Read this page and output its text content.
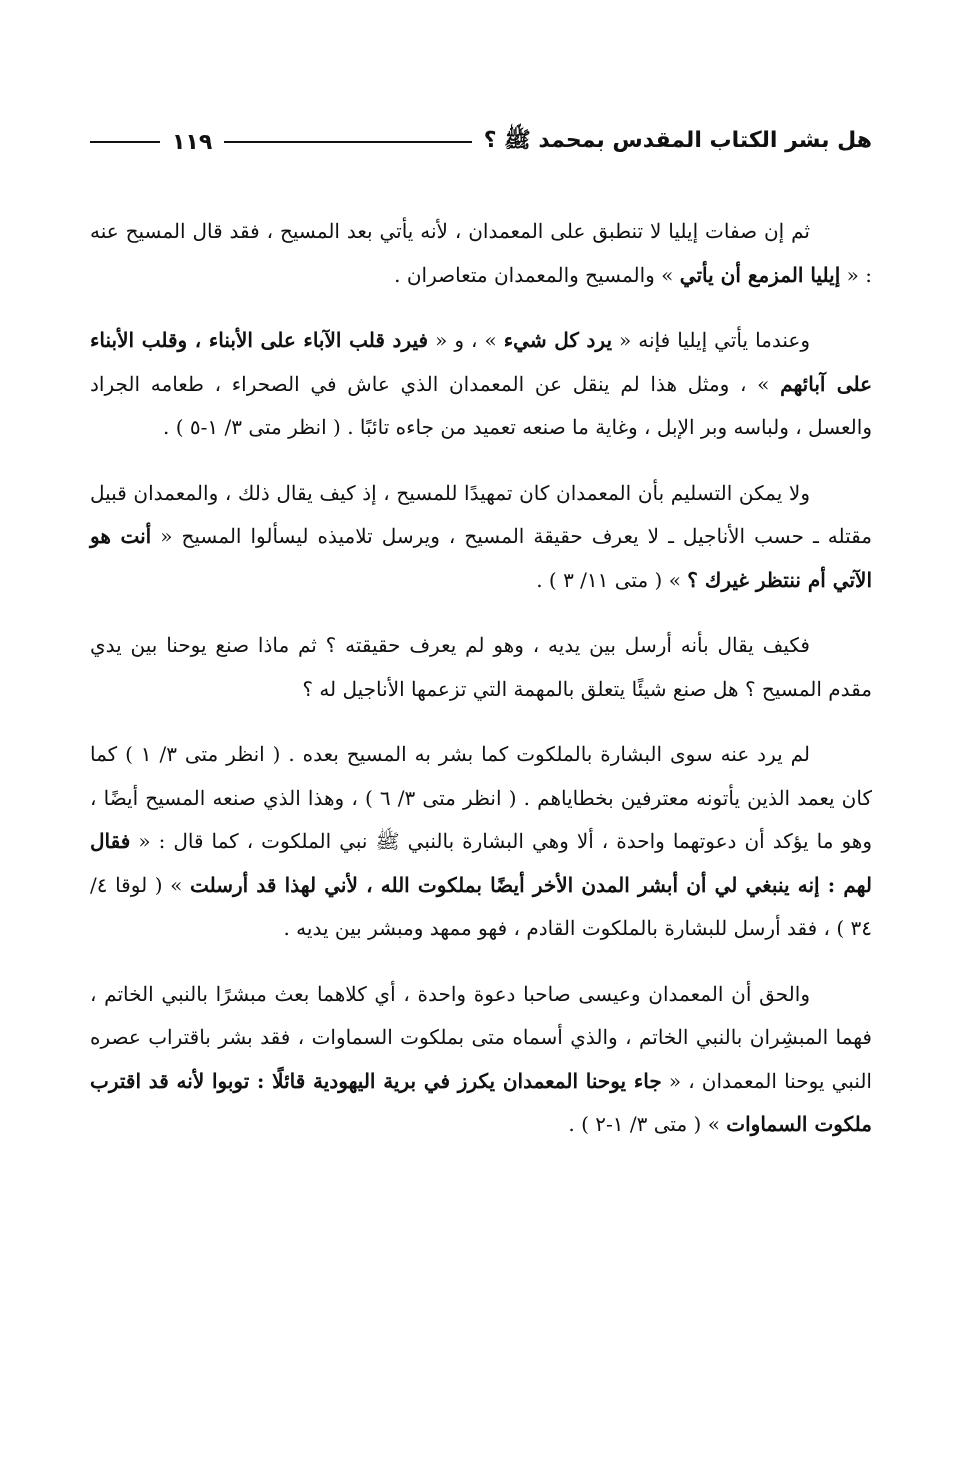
هل بشر الكتاب المقدس بمحمد ﷺ ؟
١١٩

ثم إن صفات إيليا لا تنطبق على المعمدان ، لأنه يأتي بعد المسيح ، فقد قال المسيح عنه : « إيليا المزمع أن يأتي » والمسيح والمعمدان متعاصران .

وعندما يأتي إيليا فإنه « يرد كل شيء » ، و « فيرد قلب الآباء على الأبناء ، وقلب الأبناء على آبائهم » ، ومثل هذا لم ينقل عن المعمدان الذي عاش في الصحراء ، طعامه الجراد والعسل ، ولباسه وبر الإبل ، وغاية ما صنعه تعميد من جاءه تائبًا . ( انظر متى ٣/ ١-٥ ) .

ولا يمكن التسليم بأن المعمدان كان تمهيدًا للمسيح ، إذ كيف يقال ذلك ، والمعمدان قبيل مقتله ـ حسب الأناجيل ـ لا يعرف حقيقة المسيح ، ويرسل تلاميذه ليسألوا المسيح « أنت هو الآتي أم ننتظر غيرك ؟ » ( متى ١١/ ٣ ) .

فكيف يقال بأنه أرسل بين يديه ، وهو لم يعرف حقيقته ؟ ثم ماذا صنع يوحنا بين يدي مقدم المسيح ؟ هل صنع شيئًا يتعلق بالمهمة التي تزعمها الأناجيل له ؟

لم يرد عنه سوى البشارة بالملكوت كما بشر به المسيح بعده . ( انظر متى ٣/ ١ ) كما كان يعمد الذين يأتونه معترفين بخطاياهم . ( انظر متى ٣/ ٦ ) ، وهذا الذي صنعه المسيح أيضًا ، وهو ما يؤكد أن دعوتهما واحدة ، ألا وهي البشارة بالنبي ﷺ نبي الملكوت ، كما قال : « فقال لهم : إنه ينبغي لي أن أبشر المدن الأخر أيضًا بملكوت الله ، لأني لهذا قد أرسلت » ( لوقا ٤/ ٣٤ ) ، فقد أرسل للبشارة بالملكوت القادم ، فهو ممهد ومبشر بين يديه .

والحق أن المعمدان وعيسى صاحبا دعوة واحدة ، أي كلاهما بعث مبشرًا بالنبي الخاتم ، فهما المبشِران بالنبي الخاتم ، والذي أسماه متى بملكوت السماوات ، فقد بشر باقتراب عصره النبي يوحنا المعمدان ، « جاء يوحنا المعمدان يكرز في برية اليهودية قائلًا : توبوا لأنه قد اقترب ملكوت السماوات » ( متى ٣/ ١-٢ ) .
